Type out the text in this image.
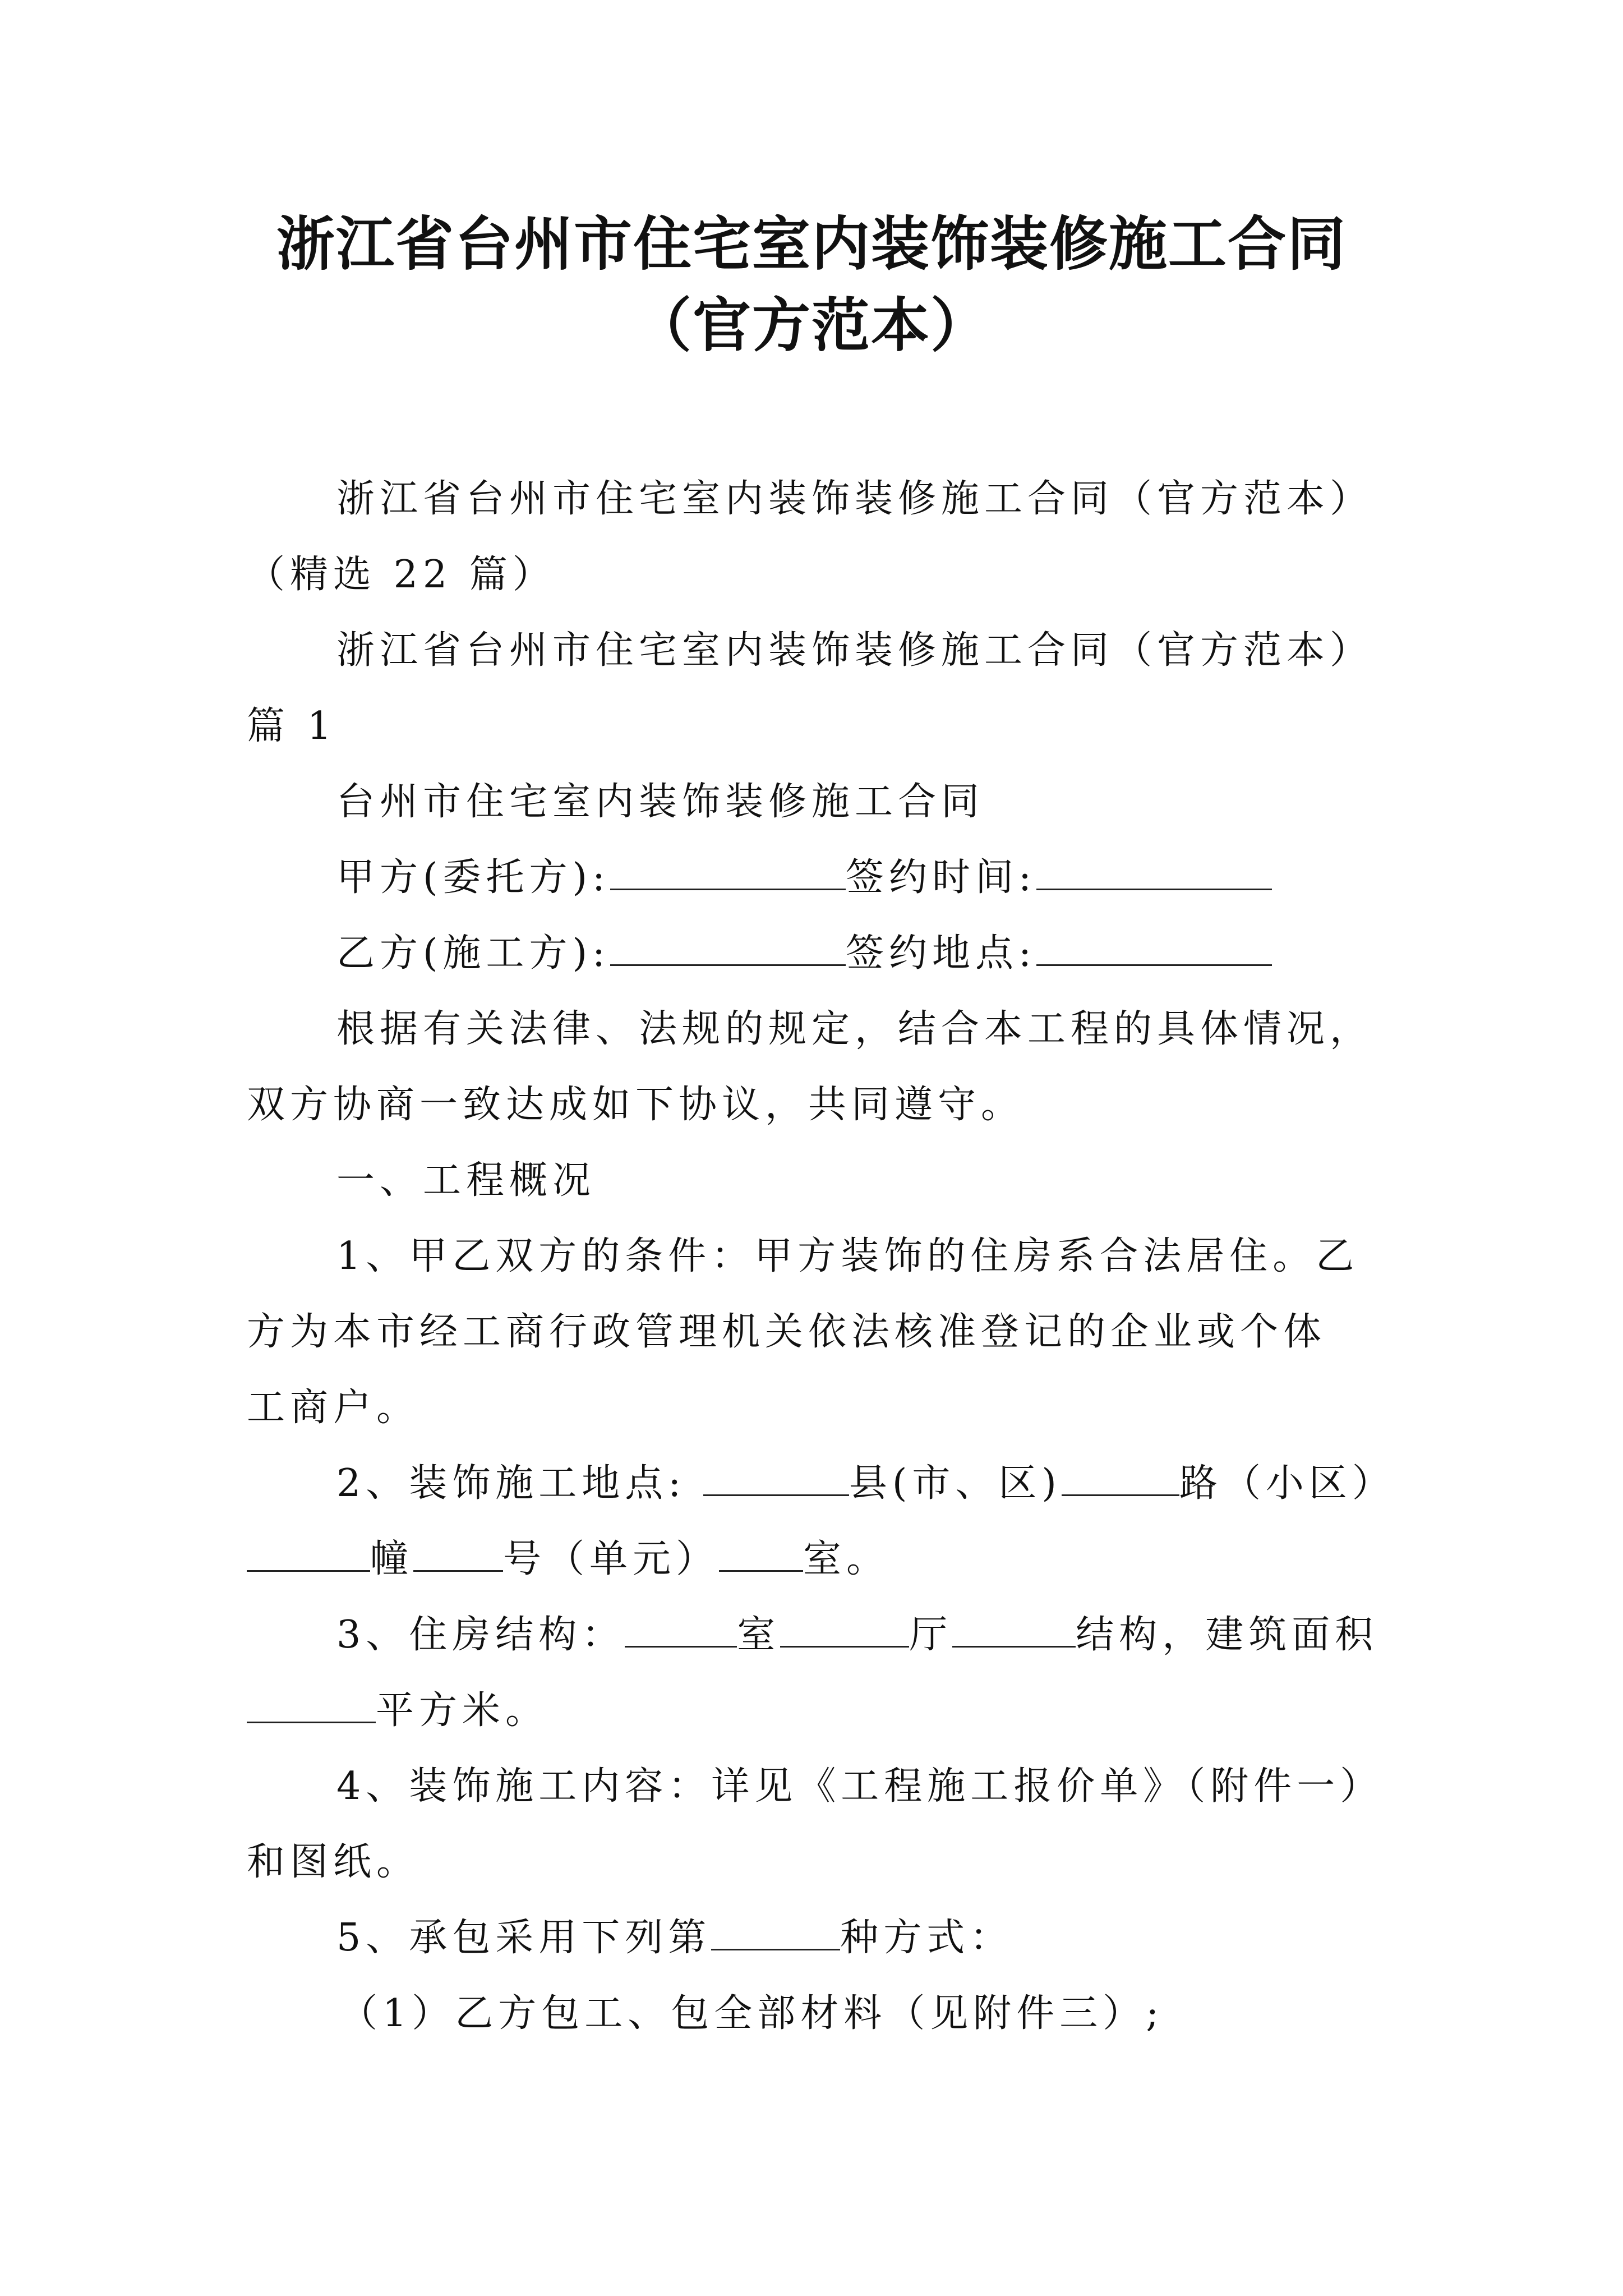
浙江省台州市住宅室内装饰装修施工合同
（官方范本）
浙江省台州市住宅室内装饰装修施工合同（官方范本）
（精选 22 篇）
浙江省台州市住宅室内装饰装修施工合同（官方范本）
篇 1
台州市住宅室内装饰装修施工合同
甲方(委托方):	签约时间:
乙方(施工方):	签约地点:
根据有关法律、法规的规定，结合本工程的具体情况，
双方协商一致达成如下协议，共同遵守。
一、工程概况
1、甲乙双方的条件：甲方装饰的住房系合法居住。乙
方为本市经工商行政管理机关依法核准登记的企业或个体
工商户。
2、装饰施工地点:	县(市、区)	路（小区）
幢 号（单元） 室。
3、住房结构：	室	厅	结构，建筑面积
平方米。
4、装饰施工内容：详见《工程施工报价单》（附件一）
和图纸。
5、承包采用下列第	种方式：
（1）乙方包工、包全部材料（见附件三）;
